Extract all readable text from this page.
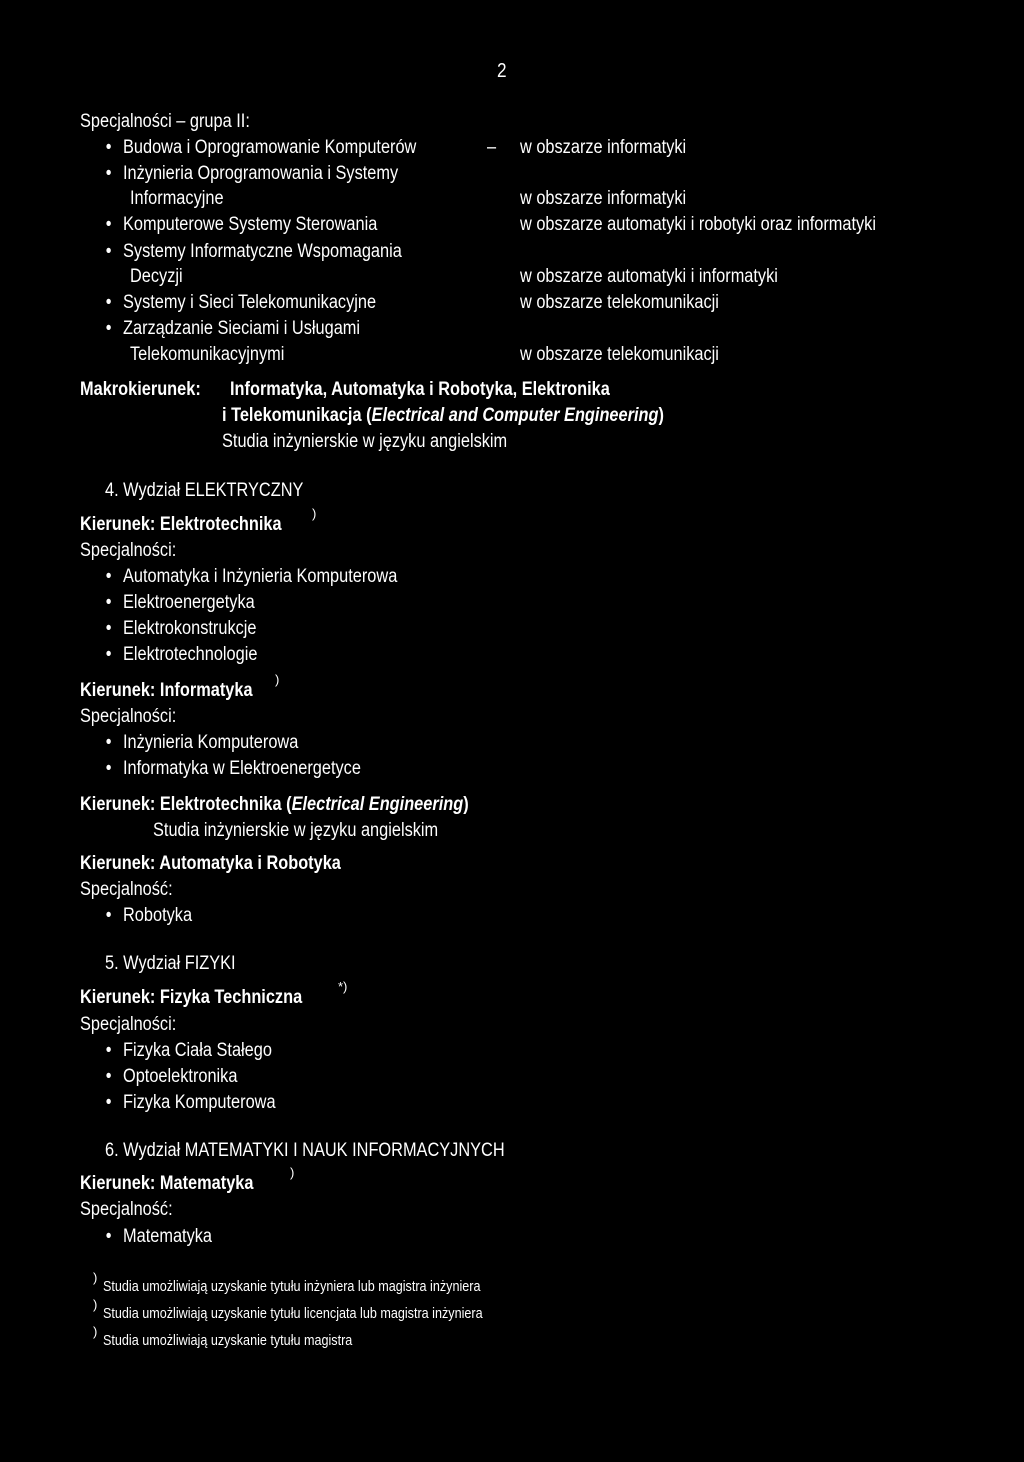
2
Specjalności – grupa II:
• Budowa i Oprogramowanie Komputerów	– w obszarze informatyki
• Inżynieria Oprogramowania i Systemy
Informacyjne	w obszarze informatyki
• Komputerowe Systemy Sterowania	w obszarze automatyki i robotyki oraz informatyki
• Systemy Informatyczne Wspomagania
Decyzji	w obszarze automatyki i informatyki
• Systemy i Sieci Telekomunikacyjne	w obszarze telekomunikacji
• Zarządzanie Sieciami i Usługami
Telekomunikacyjnymi	w obszarze telekomunikacji
Makrokierunek: Informatyka, Automatyka i Robotyka, Elektronika
i Telekomunikacja (Electrical and Computer Engineering)
Studia inżynierskie w języku angielskim
4. Wydział ELEKTRYCZNY
Kierunek: Elektrotechnika
)
Specjalności:
• Automatyka i Inżynieria Komputerowa
• Elektroenergetyka
• Elektrokonstrukcje
• Elektrotechnologie
Kierunek: Informatyka
)
Specjalności:
• Inżynieria Komputerowa
• Informatyka w Elektroenergetyce
Kierunek: Elektrotechnika (Electrical Engineering)
Studia inżynierskie w języku angielskim
Kierunek: Automatyka i Robotyka
Specjalność:
• Robotyka
5. Wydział FIZYKI
Kierunek: Fizyka Techniczna
*)
Specjalności:
• Fizyka Ciała Stałego
• Optoelektronika
• Fizyka Komputerowa
6. Wydział MATEMATYKI I NAUK INFORMACYJNYCH
Kierunek: Matematyka
)
Specjalność:
• Matematyka
)
Studia umożliwiają uzyskanie tytułu inżyniera lub magistra inżyniera
)
Studia umożliwiają uzyskanie tytułu licencjata lub magistra inżyniera
)
Studia umożliwiają uzyskanie tytułu magistra
